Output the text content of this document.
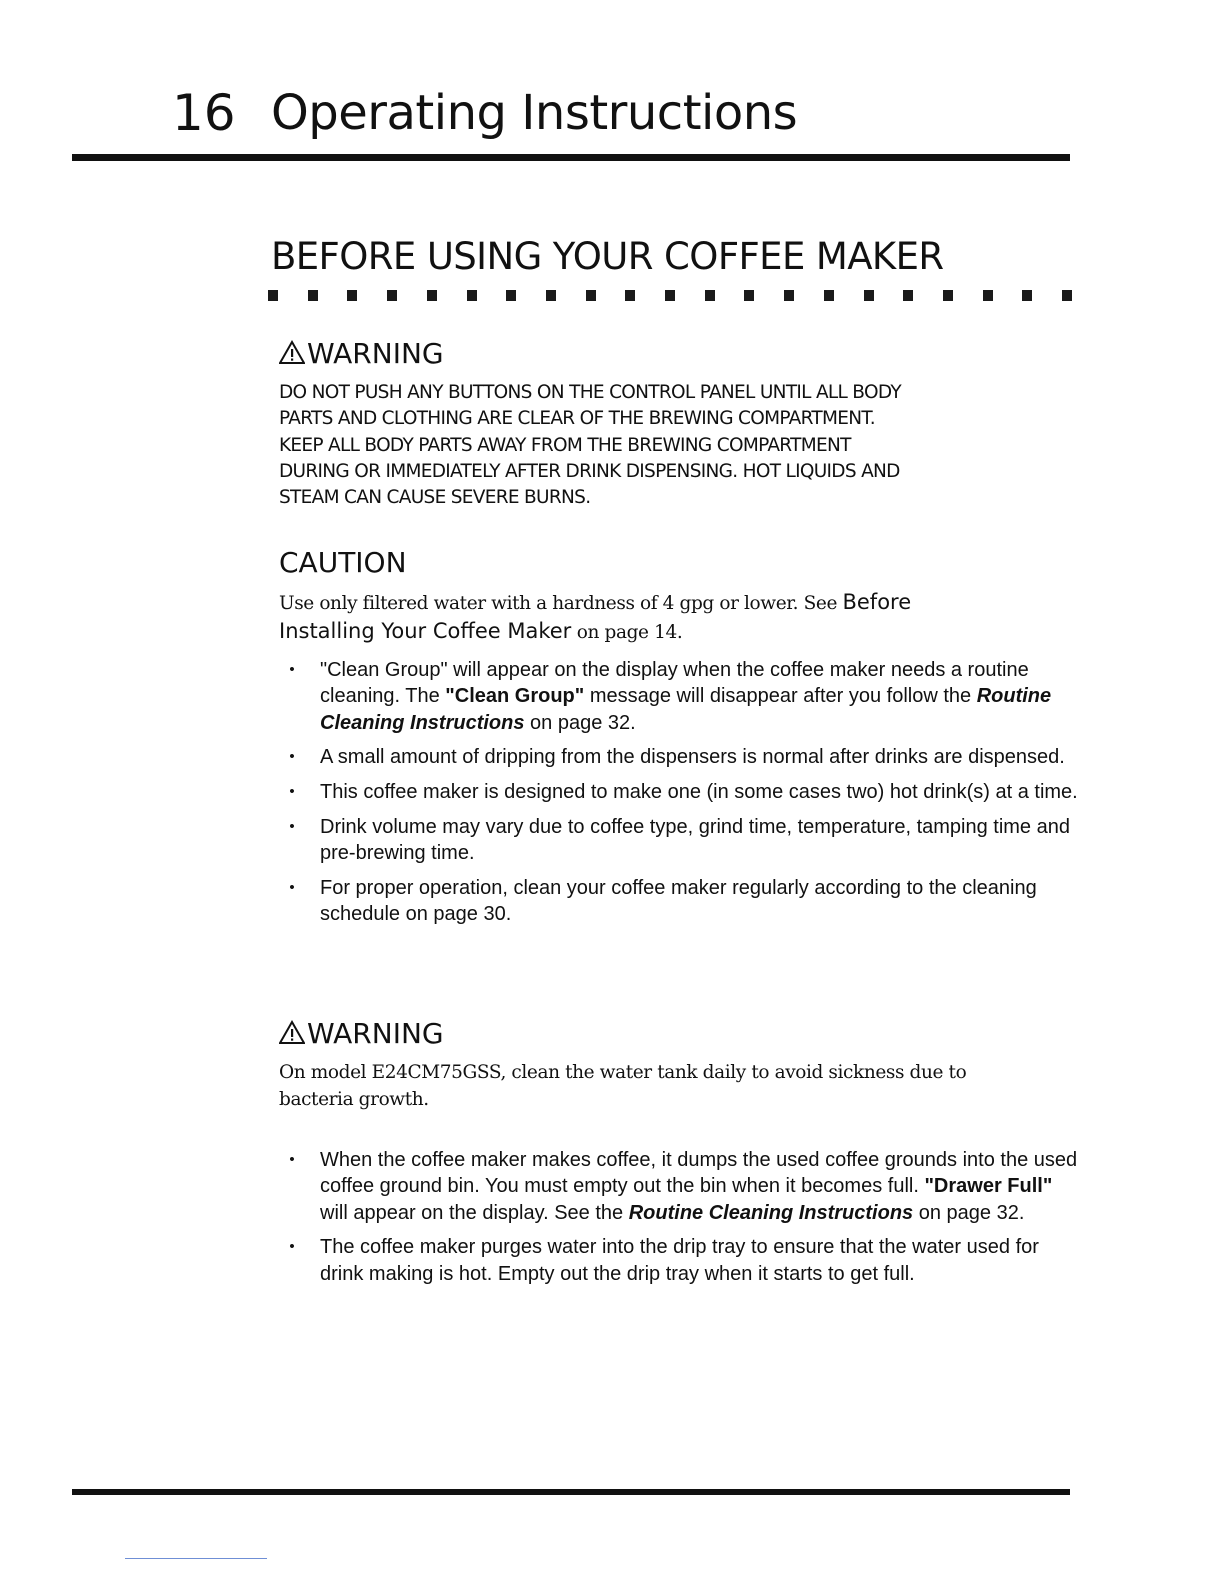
16 Operating Instructions
BEFORE USING YOUR COFFEE MAKER
WARNING
DO NOT PUSH ANY BUTTONS ON THE CONTROL PANEL UNTIL ALL BODY
PARTS AND CLOTHING ARE CLEAR OF THE BREWING COMPARTMENT.
KEEP ALL BODY PARTS AWAY FROM THE BREWING COMPARTMENT
DURING OR IMMEDIATELY AFTER DRINK DISPENSING. HOT LIQUIDS AND
STEAM CAN CAUSE SEVERE BURNS.
CAUTION
Use only filtered water with a hardness of 4 gpg or lower. See Before Installing Your Coffee Maker on page 14.
• "Clean Group" will appear on the display when the coffee maker needs a routine cleaning. The "Clean Group" message will disappear after you follow the Routine Cleaning Instructions on page 32.
• A small amount of dripping from the dispensers is normal after drinks are dispensed.
• This coffee maker is designed to make one (in some cases two) hot drink(s) at a time.
• Drink volume may vary due to coffee type, grind time, temperature, tamping time and pre-brewing time.
• For proper operation, clean your coffee maker regularly according to the cleaning schedule on page 30.
WARNING
On model E24CM75GSS, clean the water tank daily to avoid sickness due to bacteria growth.
• When the coffee maker makes coffee, it dumps the used coffee grounds into the used coffee ground bin. You must empty out the bin when it becomes full. "Drawer Full" will appear on the display. See the Routine Cleaning Instructions on page 32.
• The coffee maker purges water into the drip tray to ensure that the water used for drink making is hot. Empty out the drip tray when it starts to get full.
